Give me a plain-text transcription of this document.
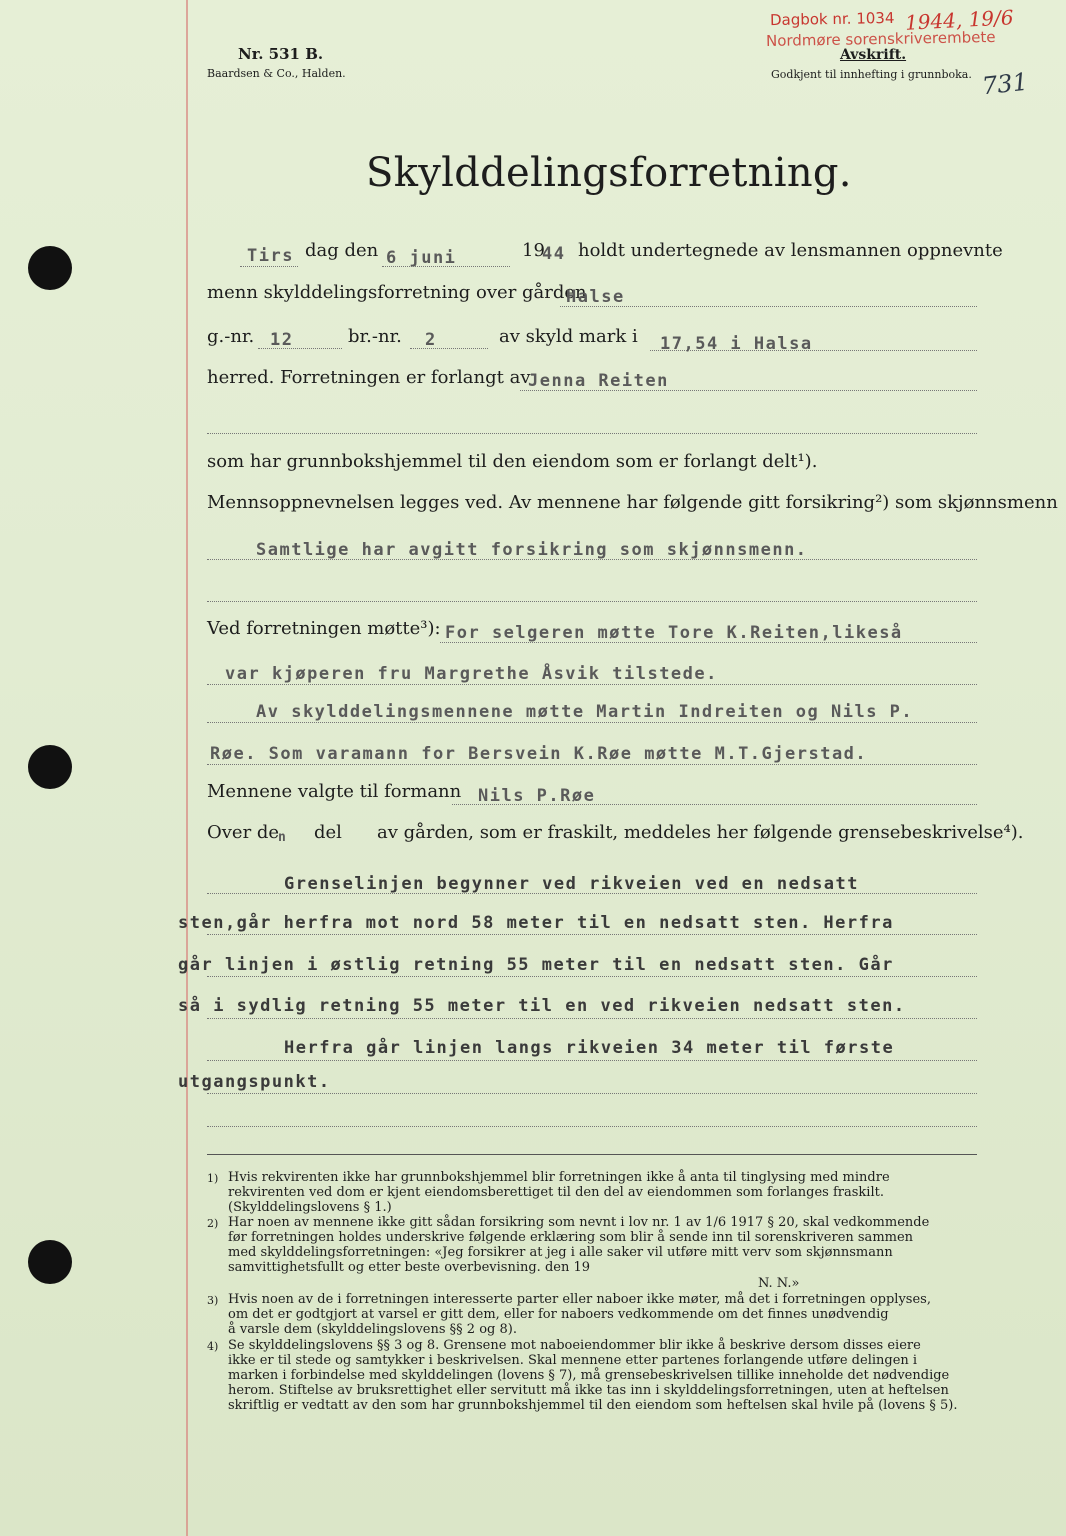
Nr. 531 B.
Baardsen & Co., Halden.
Dagbok nr. 1034 1944, 19/6
Nordmøre sorenskriverembete
Avskrift.
Godkjent til innhefting i grunnboka. 731
Skylddelingsforretning.
Tirs dag den 6 juni	19
44 holdt undertegnede av lensmannen oppnevnte
menn skylddelingsforretning over gården
Halse
g.-nr. 12	br.-nr. 2	av skyld mark i 17,54 i Halsa
herred. Forretningen er forlangt av
Jenna Reiten
som har grunnbokshjemmel til den eiendom som er forlangt delt¹).
Mennsoppnevnelsen legges ved. Av mennene har følgende gitt forsikring²) som skjønnsmenn
Samtlige har avgitt forsikring som skjønnsmenn.
Ved forretningen møtte³): For selgeren møtte Tore K.Reiten,likeså
var kjøperen fru Margrethe Åsvik tilstede.
Av skylddelingsmennene møtte Martin Indreiten og Nils P.
Røe. Som varamann for Bersvein K.Røe møtte M.T.Gjerstad.
Mennene valgte til formann Nils P.Røe
Over de
n del av gården, som er fraskilt, meddeles her følgende grensebeskrivelse⁴).
Grenselinjen begynner ved rikveien ved en nedsatt
sten,går herfra mot nord 58 meter til en nedsatt sten. Herfra
går linjen i østlig retning 55 meter til en nedsatt sten. Går
så i sydlig retning 55 meter til en ved rikveien nedsatt sten.
Herfra går linjen langs rikveien 34 meter til første
utgangspunkt.
1) Hvis rekvirenten ikke har grunnbokshjemmel blir forretningen ikke å anta til tinglysing med mindre
rekvirenten ved dom er kjent eiendomsberettiget til den del av eiendommen som forlanges fraskilt.
(Skylddelingslovens § 1.)
2) Har noen av mennene ikke gitt sådan forsikring som nevnt i lov nr. 1 av 1/6 1917 § 20, skal vedkommende
før forretningen holdes underskrive følgende erklæring som blir å sende inn til sorenskriveren sammen
med skylddelingsforretningen: «Jeg forsikrer at jeg i alle saker vil utføre mitt verv som skjønnsmann
samvittighetsfullt og etter beste overbevisning. den 19
N. N.»
3) Hvis noen av de i forretningen interesserte parter eller naboer ikke møter, må det i forretningen opplyses,
om det er godtgjort at varsel er gitt dem, eller for naboers vedkommende om det finnes unødvendig
å varsle dem (skylddelingslovens §§ 2 og 8).
4) Se skylddelingslovens §§ 3 og 8. Grensene mot naboeiendommer blir ikke å beskrive dersom disses eiere
ikke er til stede og samtykker i beskrivelsen. Skal mennene etter partenes forlangende utføre delingen i
marken i forbindelse med skylddelingen (lovens § 7), må grensebeskrivelsen tillike inneholde det nødvendige
herom. Stiftelse av bruksrettighet eller servitutt må ikke tas inn i skylddelingsforretningen, uten at heftelsen
skriftlig er vedtatt av den som har grunnbokshjemmel til den eiendom som heftelsen skal hvile på (lovens § 5).
